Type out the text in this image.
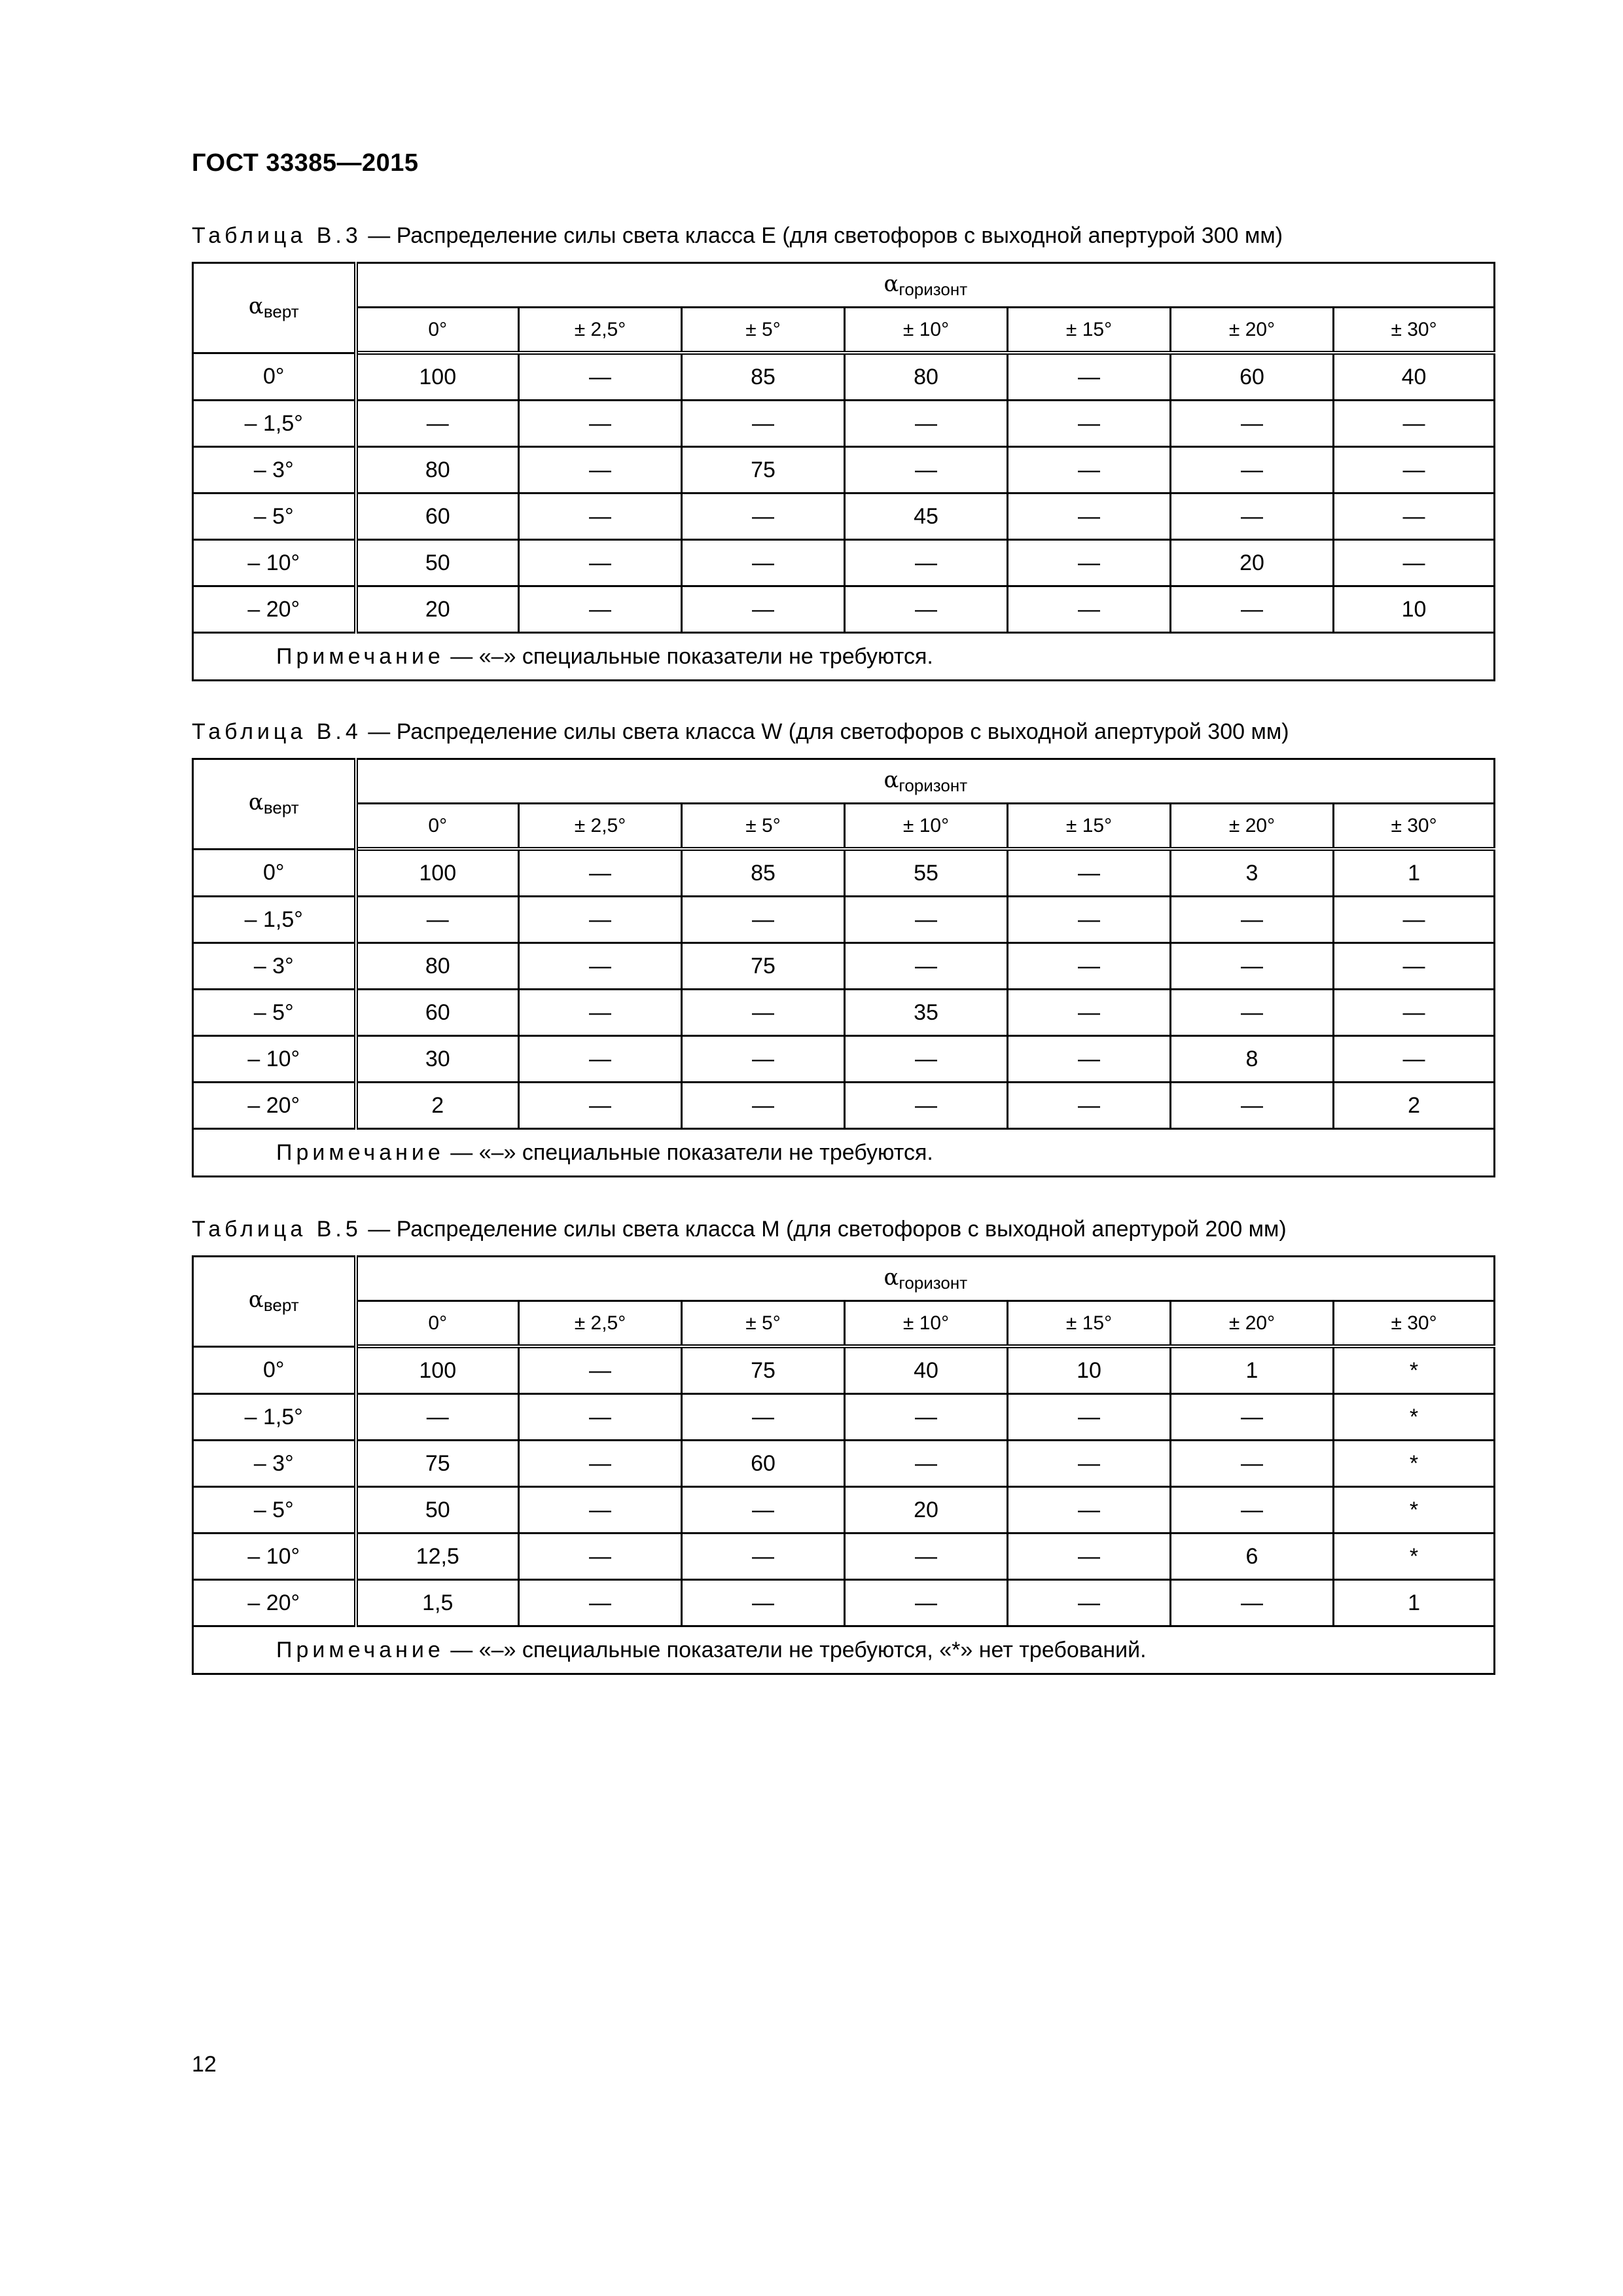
ГОСТ 33385—2015
Таблица В.3 — Распределение силы света класса E (для светофоров с выходной апертурой 300 мм)
$\alpha_{верт}$	$\alpha_{горизонт}$
	0°	± 2,5°	± 5°	± 10°	± 15°	± 20°	± 30°
0°	100	—	85	80	—	60	40
– 1,5°	—	—	—	—	—	—	—
– 3°	80	—	75	—	—	—	—
– 5°	60	—	—	45	—	—	—
– 10°	50	—	—	—	—	20	—
– 20°	20	—	—	—	—	—	10
Примечание — «–» специальные показатели не требуются.							
Таблица В.4 — Распределение силы света класса W (для светофоров с выходной апертурой 300 мм)
$\alpha_{верт}$	$\alpha_{горизонт}$
	0°	± 2,5°	± 5°	± 10°	± 15°	± 20°	± 30°
0°	100	—	85	55	—	3	1
– 1,5°	—	—	—	—	—	—	—
– 3°	80	—	75	—	—	—	—
– 5°	60	—	—	35	—	—	—
– 10°	30	—	—	—	—	8	—
– 20°	2	—	—	—	—	—	2
Примечание — «–» специальные показатели не требуются.							
Таблица В.5 — Распределение силы света класса M (для светофоров с выходной апертурой 200 мм)
$\alpha_{верт}$	$\alpha_{горизонт}$
	0°	± 2,5°	± 5°	± 10°	± 15°	± 20°	± 30°
0°	100	—	75	40	10	1	*
– 1,5°	—	—	—	—	—	—	*
– 3°	75	—	60	—	—	—	*
– 5°	50	—	—	20	—	—	*
– 10°	12,5	—	—	—	—	6	*
– 20°	1,5	—	—	—	—	—	1
Примечание — «–» специальные показатели не требуются, «*» нет требований.							
12
